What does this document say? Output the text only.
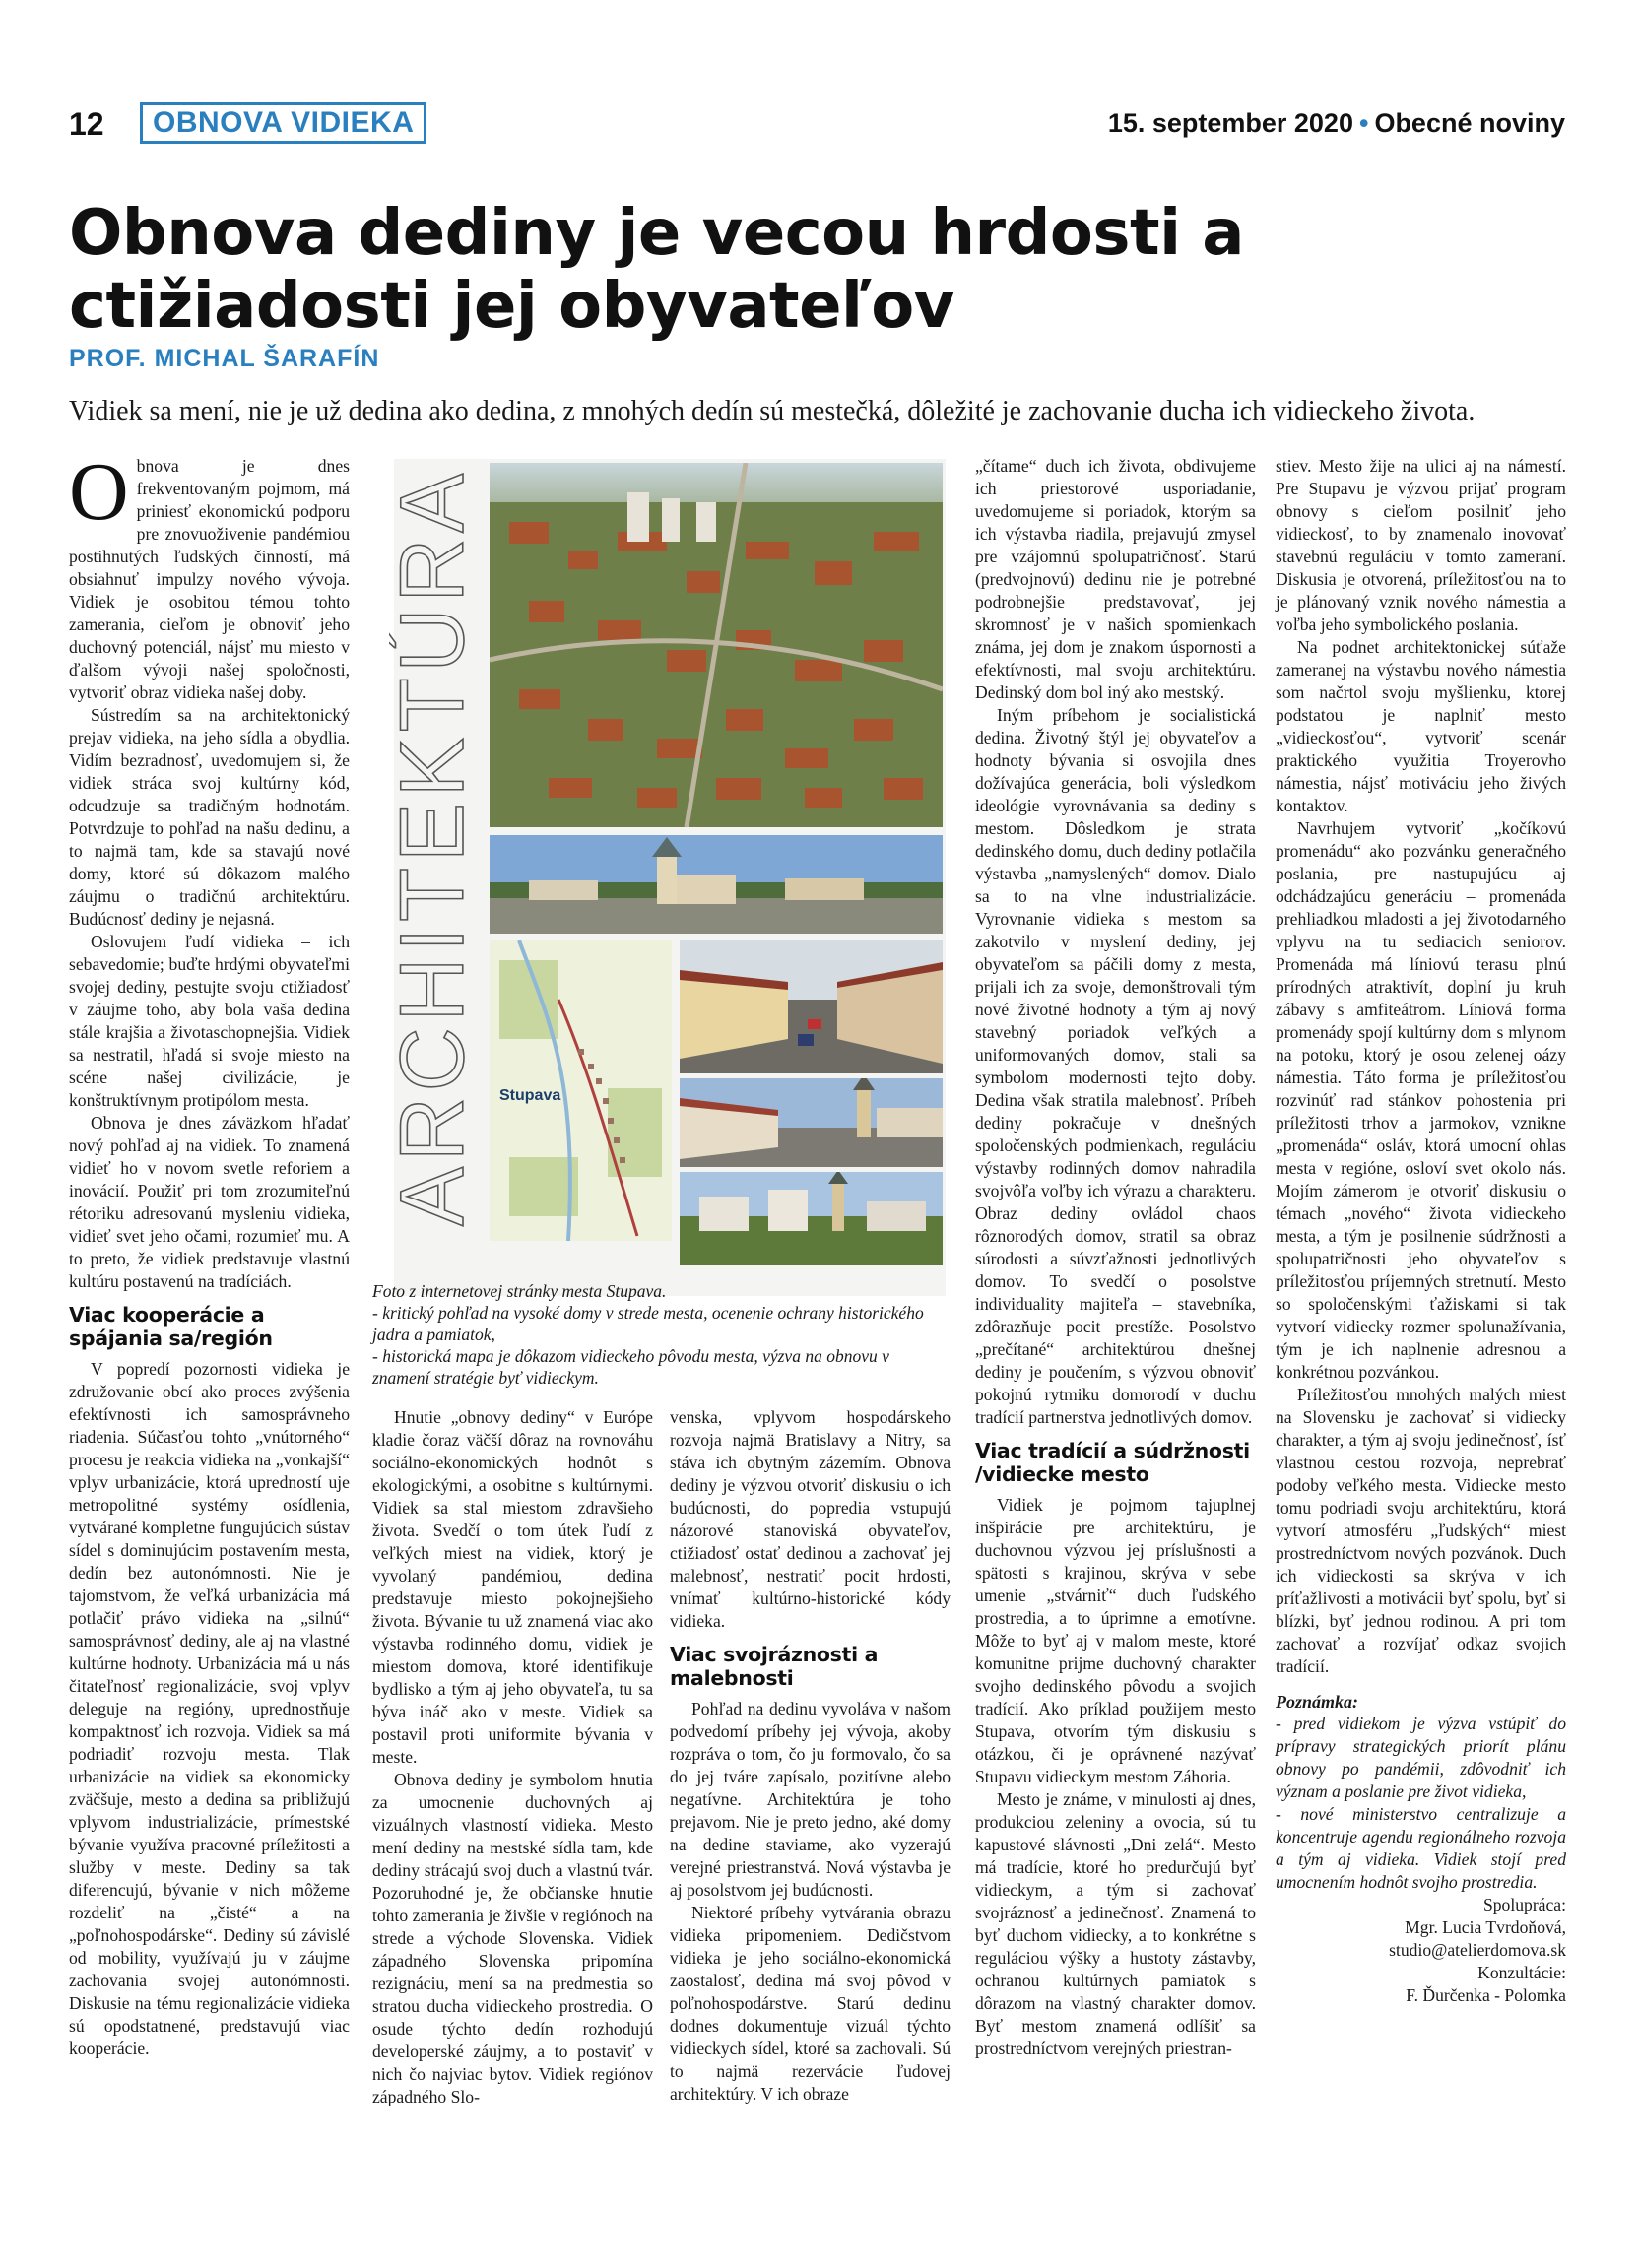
12	OBNOVA VIDIEKA	15. september 2020 • Obecné noviny
Obnova dediny je vecou hrdosti a ctižiadosti jej obyvateľov
PROF. MICHAL ŠARAFÍN
Vidiek sa mení, nie je už dedina ako dedina, z mnohých dedín sú mestečká, dôležité je zachovanie ducha ich vidieckeho života.

Obnova je dnes frekventovaným pojmom, má priniesť ekonomickú podporu pre znovuoživenie pandémiou postihnutých ľudských činností, má obsiahnuť impulzy nového vývoja. Vidiek je osobitou témou tohto zamerania, cieľom je obnoviť jeho duchovný potenciál, nájsť mu miesto v ďalšom vývoji našej spoločnosti, vytvoriť obraz vidieka našej doby.

Sústredím sa na architektonický prejav vidieka, na jeho sídla a obydlia. Vidím bezradnosť, uvedomujem si, že vidiek stráca svoj kultúrny kód, odcudzuje sa tradičným hodnotám. Potvrdzuje to pohľad na našu dedinu, a to najmä tam, kde sa stavajú nové domy, ktoré sú dôkazom malého záujmu o tradičnú architektúru. Budúcnosť dediny je nejasná.

Oslovujem ľudí vidieka – ich sebavedomie; buďte hrdými obyvateľmi svojej dediny, pestujte svoju ctižiadosť v záujme toho, aby bola vaša dedina stále krajšia a životaschopnejšia. Vidiek sa nestratil, hľadá si svoje miesto na scéne našej civilizácie, je konštruktívnym protipólom mesta.

Obnova je dnes záväzkom hľadať nový pohľad aj na vidiek. To znamená vidieť ho v novom svetle reforiem a inovácií. Použiť pri tom zrozumiteľnú rétoriku adresovanú mysleniu vidieka, vidieť svet jeho očami, rozumieť mu. A to preto, že vidiek predstavuje vlastnú kultúru postavenú na tradíciách.

Viac kooperácie a spájania sa/región

V popredí pozornosti vidieka je združovanie obcí ako proces zvýšenia efektívnosti ich samosprávneho riadenia. Súčasťou tohto „vnútorného“ procesu je reakcia vidieka na „vonkajší“ vplyv urbanizácie, ktorá upredností uje metropolitné systémy osídlenia, vytvárané kompletne fungujúcich sústav sídel s dominujúcim postavením mesta, dedín bez autonómnosti. Nie je tajomstvom, že veľká urbanizácia má potlačiť právo vidieka na „silnú“ samosprávnosť dediny, ale aj na vlastné kultúrne hodnoty. Urbanizácia má u nás čitateľnosť regionalizácie, svoj vplyv deleguje na regióny, uprednostňuje kompaktnosť ich rozvoja. Vidiek sa má podriadiť rozvoju mesta. Tlak urbanizácie na vidiek sa ekonomicky zväčšuje, mesto a dedina sa približujú vplyvom industrializácie, prímestské bývanie využíva pracovné príležitosti a služby v meste. Dediny sa tak diferencujú, bývanie v nich môžeme rozdeliť na „čisté“ a na „poľnohospodárske“. Dediny sú závislé od mobility, využívajú ju v záujme zachovania svojej autonómnosti. Diskusie na tému regionalizácie vidieka sú opodstatnené, predstavujú viac kooperácie.

ARCHITEKTÚRA Stupava
Foto z internetovej stránky mesta Stupava.
- kritický pohľad na vysoké domy v strede mesta, ocenenie ochrany historického jadra a pamiatok,
- historická mapa je dôkazom vidieckeho pôvodu mesta, výzva na obnovu v znamení stratégie byť vidieckym.

Hnutie „obnovy dediny“ v Európe kladie čoraz väčší dôraz na rovnováhu sociálno-ekonomických hodnôt s ekologickými, a osobitne s kultúrnymi. Vidiek sa stal miestom zdravšieho života. Svedčí o tom útek ľudí z veľkých miest na vidiek, ktorý je vyvolaný pandémiou, dedina predstavuje miesto pokojnejšieho života. Bývanie tu už znamená viac ako výstavba rodinného domu, vidiek je miestom domova, ktoré identifikuje bydlisko a tým aj jeho obyvateľa, tu sa býva ináč ako v meste. Vidiek sa postavil proti uniformite bývania v meste.

Obnova dediny je symbolom hnutia za umocnenie duchovných aj vizuálnych vlastností vidieka. Mesto mení dediny na mestské sídla tam, kde dediny strácajú svoj duch a vlastnú tvár. Pozoruhodné je, že občianske hnutie tohto zamerania je živšie v regiónoch na strede a východe Slovenska. Vidiek západného Slovenska pripomína rezignáciu, mení sa na predmestia so stratou ducha vidieckeho prostredia. O osude týchto dedín rozhodujú developerské záujmy, a to postaviť v nich čo najviac bytov. Vidiek regiónov západného Slo-

venska, vplyvom hospodárskeho rozvoja najmä Bratislavy a Nitry, sa stáva ich obytným zázemím. Obnova dediny je výzvou otvoriť diskusiu o ich budúcnosti, do popredia vstupujú názorové stanoviská obyvateľov, ctižiadosť ostať dedinou a zachovať jej malebnosť, nestratiť pocit hrdosti, vnímať kultúrno-historické kódy vidieka.

Viac svojráznosti a malebnosti

Pohľad na dedinu vyvoláva v našom podvedomí príbehy jej vývoja, akoby rozpráva o tom, čo ju formovalo, čo sa do jej tváre zapísalo, pozitívne alebo negatívne. Architektúra je toho prejavom. Nie je preto jedno, aké domy na dedine staviame, ako vyzerajú verejné priestranstvá. Nová výstavba je aj posolstvom jej budúcnosti.

Niektoré príbehy vytvárania obrazu vidieka pripomeniem. Dedičstvom vidieka je jeho sociálno-ekonomická zaostalosť, dedina má svoj pôvod v poľnohospodárstve. Starú dedinu dodnes dokumentuje vizuál týchto vidieckych sídel, ktoré sa zachovali. Sú to najmä rezervácie ľudovej architektúry. V ich obraze

„čítame“ duch ich života, obdivujeme ich priestorové usporiadanie, uvedomujeme si poriadok, ktorým sa ich výstavba riadila, prejavujú zmysel pre vzájomnú spolupatričnosť. Starú (predvojnovú) dedinu nie je potrebné podrobnejšie predstavovať, jej skromnosť je v našich spomienkach známa, jej dom je znakom úspornosti a efektívnosti, mal svoju architektúru. Dedinský dom bol iný ako mestský.

Iným príbehom je socialistická dedina. Životný štýl jej obyvateľov a hodnoty bývania si osvojila dnes dožívajúca generácia, boli výsledkom ideológie vyrovnávania sa dediny s mestom. Dôsledkom je strata dedinského domu, duch dediny potlačila výstavba „namyslených“ domov. Dialo sa to na vlne industrializácie. Vyrovnanie vidieka s mestom sa zakotvilo v myslení dediny, jej obyvateľom sa páčili domy z mesta, prijali ich za svoje, demonštrovali tým nové životné hodnoty a tým aj nový stavebný poriadok veľkých a uniformovaných domov, stali sa symbolom modernosti tejto doby. Dedina však stratila malebnosť. Príbeh dediny pokračuje v dnešných spoločenských podmienkach, reguláciu výstavby rodinných domov nahradila svojvôľa voľby ich výrazu a charakteru. Obraz dediny ovládol chaos rôznorodých domov, stratil sa obraz súrodosti a súvzťažnosti jednotlivých domov. To svedčí o posolstve individuality majiteľa – stavebníka, zdôrazňuje pocit prestíže. Posolstvo „prečítané“ architektúrou dnešnej dediny je poučením, s výzvou obnoviť pokojnú rytmiku domorodí v duchu tradícií partnerstva jednotlivých domov.

Viac tradícií a súdržnosti /vidiecke mesto

Vidiek je pojmom tajuplnej inšpirácie pre architektúru, je duchovnou výzvou jej príslušnosti a spätosti s krajinou, skrýva v sebe umenie „stvárniť“ duch ľudského prostredia, a to úprimne a emotívne. Môže to byť aj v malom meste, ktoré komunitne prijme duchovný charakter svojho dedinského pôvodu a svojich tradícií. Ako príklad použijem mesto Stupava, otvorím tým diskusiu s otázkou, či je oprávnené nazývať Stupavu vidieckym mestom Záhoria.

Mesto je známe, v minulosti aj dnes, produkciou zeleniny a ovocia, sú tu kapustové slávnosti „Dni zelá“. Mesto má tradície, ktoré ho predurčujú byť vidieckym, a tým si zachovať svojráznosť a jedinečnosť. Znamená to byť duchom vidiecky, a to konkrétne s reguláciou výšky a hustoty zástavby, ochranou kultúrnych pamiatok s dôrazom na vlastný charakter domov. Byť mestom znamená odlíšiť sa prostredníctvom verejných priestran-

stiev. Mesto žije na ulici aj na námestí. Pre Stupavu je výzvou prijať program obnovy s cieľom posilniť jeho vidieckosť, to by znamenalo inovovať stavebnú reguláciu v tomto zameraní. Diskusia je otvorená, príležitosťou na to je plánovaný vznik nového námestia a voľba jeho symbolického poslania.

Na podnet architektonickej súťaže zameranej na výstavbu nového námestia som načrtol svoju myšlienku, ktorej podstatou je naplniť mesto „vidieckosťou“, vytvoriť scenár praktického využitia Troyerovho námestia, nájsť motiváciu jeho živých kontaktov.

Navrhujem vytvoriť „kočíkovú promenádu“ ako pozvánku generačného poslania, pre nastupujúcu aj odchádzajúcu generáciu – promenáda prehliadkou mladosti a jej životodarného vplyvu na tu sediacich seniorov. Promenáda má líniovú terasu plnú prírodných atraktivít, doplní ju kruh zábavy s amfiteátrom. Líniová forma promenády spojí kultúrny dom s mlynom na potoku, ktorý je osou zelenej oázy námestia. Táto forma je príležitosťou rozvinúť rad stánkov pohostenia pri príležitosti trhov a jarmokov, vznikne „promenáda“ osláv, ktorá umocní ohlas mesta v regióne, osloví svet okolo nás. Mojím zámerom je otvoriť diskusiu o témach „nového“ života vidieckeho mesta, a tým je posilnenie súdržnosti a spolupatričnosti jeho obyvateľov s príležitosťou príjemných stretnutí. Mesto so spoločenskými ťažiskami si tak vytvorí vidiecky rozmer spolunažívania, tým je ich naplnenie adresnou a konkrétnou pozvánkou.

Príležitosťou mnohých malých miest na Slovensku je zachovať si vidiecky charakter, a tým aj svoju jedinečnosť, ísť vlastnou cestou rozvoja, neprebrať podoby veľkého mesta. Vidiecke mesto tomu podriadi svoju architektúru, ktorá vytvorí atmosféru „ľudských“ miest prostredníctvom nových pozvánok. Duch ich vidieckosti sa skrýva v ich príťažlivosti a motivácii byť spolu, byť si blízki, byť jednou rodinou. A pri tom zachovať a rozvíjať odkaz svojich tradícií.

Poznámka:
- pred vidiekom je výzva vstúpiť do prípravy strategických priorít plánu obnovy po pandémii, zdôvodniť ich význam a poslanie pre život vidieka,
- nové ministerstvo centralizuje a koncentruje agendu regionálneho rozvoja a tým aj vidieka. Vidiek stojí pred umocnením hodnôt svojho prostredia.
Spolupráca:
Mgr. Lucia Tvrdoňová,
studio@atelierdomova.sk
Konzultácie:
F. Ďurčenka - Polomka
